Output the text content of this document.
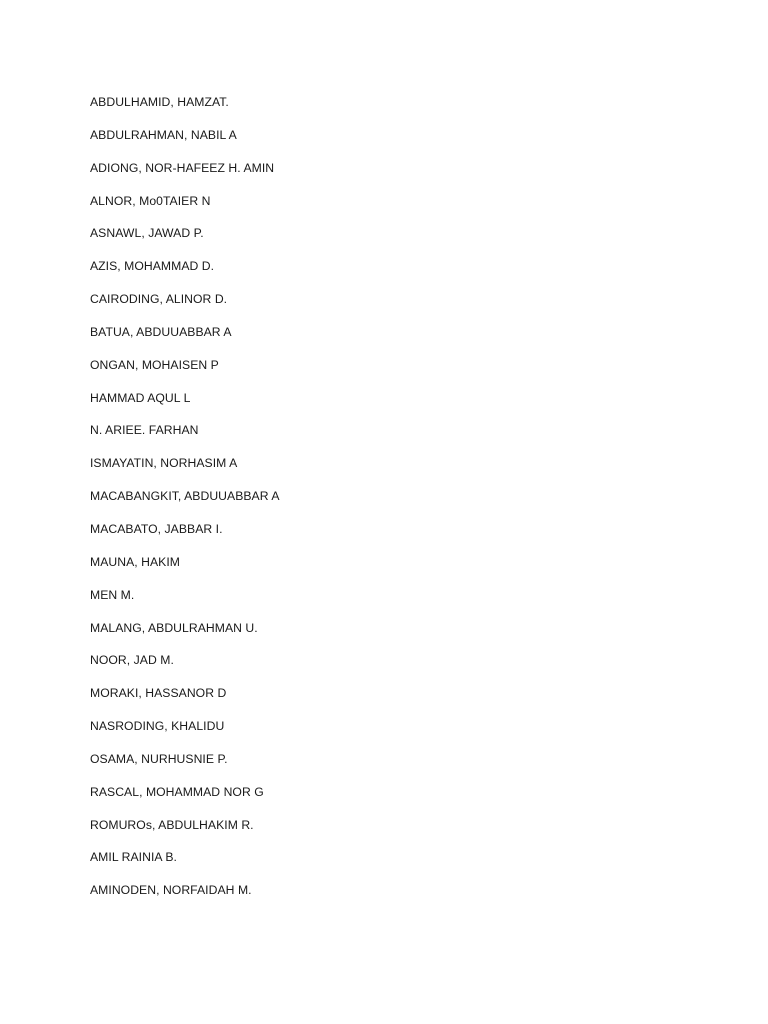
ABDULHAMID, HAMZAT.
ABDULRAHMAN, NABIL A
ADIONG, NOR-HAFEEZ H. AMIN
ALNOR, Mo0TAIER N
ASNAWL, JAWAD P.
AZIS, MOHAMMAD D.
CAIRODING, ALINOR D.
BATUA, ABDUUABBAR A
ONGAN, MOHAISEN P
HAMMAD AQUL L
N. ARIEE. FARHAN
ISMAYATIN, NORHASIM A
MACABANGKIT, ABDUUABBAR A
MACABATO, JABBAR I.
MAUNA, HAKIM
MEN M.
MALANG, ABDULRAHMAN U.
NOOR, JAD M.
MORAKI, HASSANOR D
NASRODING, KHALIDU
OSAMA, NURHUSNIE P.
RASCAL, MOHAMMAD NOR G
ROMUROs, ABDULHAKIM R.
AMIL RAINIA B.
AMINODEN, NORFAIDAH M.
